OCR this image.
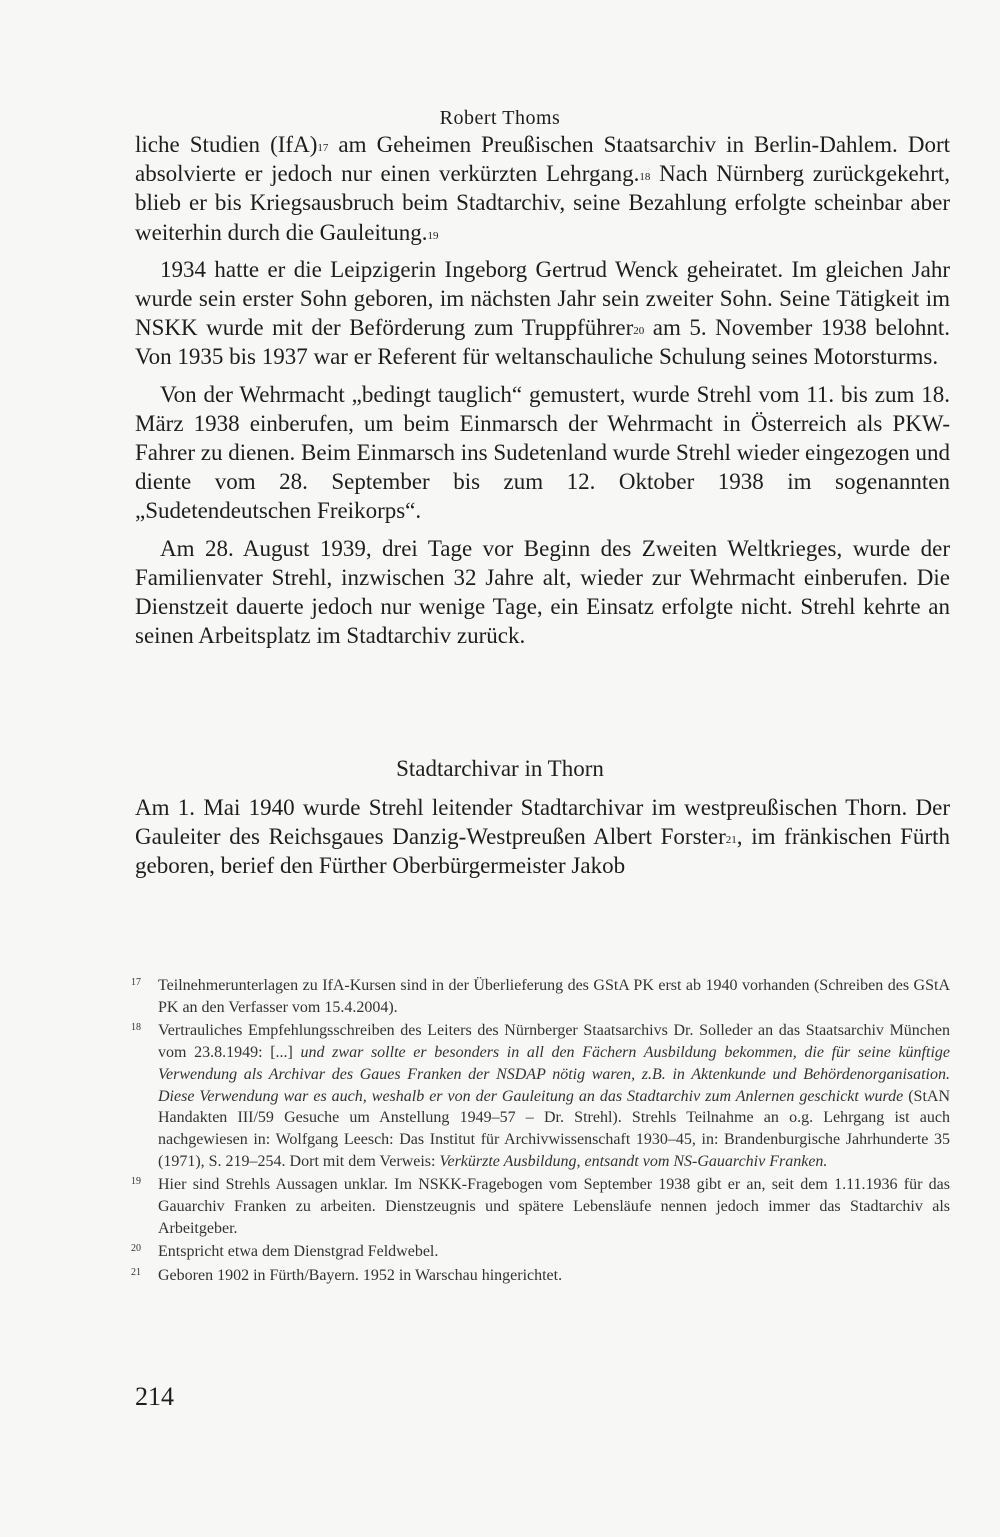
Robert Thoms

liche Studien (IfA)$^{17}$ am Geheimen Preußischen Staatsarchiv in Berlin-Dahlem. Dort absolvierte er jedoch nur einen verkürzten Lehrgang.$^{18}$ Nach Nürnberg zurückgekehrt, blieb er bis Kriegsausbruch beim Stadtarchiv, seine Bezahlung erfolgte scheinbar aber weiterhin durch die Gauleitung.$^{19}$

1934 hatte er die Leipzigerin Ingeborg Gertrud Wenck geheiratet. Im gleichen Jahr wurde sein erster Sohn geboren, im nächsten Jahr sein zweiter Sohn. Seine Tätigkeit im NSKK wurde mit der Beförderung zum Truppführer$^{20}$ am 5. November 1938 belohnt. Von 1935 bis 1937 war er Referent für weltanschauliche Schulung seines Motorsturms.

Von der Wehrmacht „bedingt tauglich“ gemustert, wurde Strehl vom 11. bis zum 18. März 1938 einberufen, um beim Einmarsch der Wehrmacht in Österreich als PKW-Fahrer zu dienen. Beim Einmarsch ins Sudetenland wurde Strehl wieder eingezogen und diente vom 28. September bis zum 12. Oktober 1938 im sogenannten „Sudetendeutschen Freikorps“.

Am 28. August 1939, drei Tage vor Beginn des Zweiten Weltkrieges, wurde der Familienvater Strehl, inzwischen 32 Jahre alt, wieder zur Wehrmacht einberufen. Die Dienstzeit dauerte jedoch nur wenige Tage, ein Einsatz erfolgte nicht. Strehl kehrte an seinen Arbeitsplatz im Stadtarchiv zurück.

Stadtarchivar in Thorn

Am 1. Mai 1940 wurde Strehl leitender Stadtarchivar im westpreußischen Thorn. Der Gauleiter des Reichsgaues Danzig-Westpreußen Albert Forster$^{21}$, im fränkischen Fürth geboren, berief den Fürther Oberbürgermeister Jakob

17 Teilnehmerunterlagen zu IfA-Kursen sind in der Überlieferung des GStA PK erst ab 1940 vorhanden (Schreiben des GStA PK an den Verfasser vom 15.4.2004).
18 Vertrauliches Empfehlungsschreiben des Leiters des Nürnberger Staatsarchivs Dr. Solleder an das Staatsarchiv München vom 23.8.1949: [...] und zwar sollte er besonders in all den Fächern Ausbildung bekommen, die für seine künftige Verwendung als Archivar des Gaues Franken der NSDAP nötig waren, z.B. in Aktenkunde und Behördenorganisation. Diese Verwendung war es auch, weshalb er von der Gauleitung an das Stadtarchiv zum Anlernen geschickt wurde (StAN Handakten III/59 Gesuche um Anstellung 1949–57 – Dr. Strehl). Strehls Teilnahme an o.g. Lehrgang ist auch nachgewiesen in: Wolfgang Leesch: Das Institut für Archivwissenschaft 1930–45, in: Brandenburgische Jahrhunderte 35 (1971), S. 219–254. Dort mit dem Verweis: Verkürzte Ausbildung, entsandt vom NS-Gauarchiv Franken.
19 Hier sind Strehls Aussagen unklar. Im NSKK-Fragebogen vom September 1938 gibt er an, seit dem 1.11.1936 für das Gauarchiv Franken zu arbeiten. Dienstzeugnis und spätere Lebensläufe nennen jedoch immer das Stadtarchiv als Arbeitgeber.
20 Entspricht etwa dem Dienstgrad Feldwebel.
21 Geboren 1902 in Fürth/Bayern. 1952 in Warschau hingerichtet.
214
